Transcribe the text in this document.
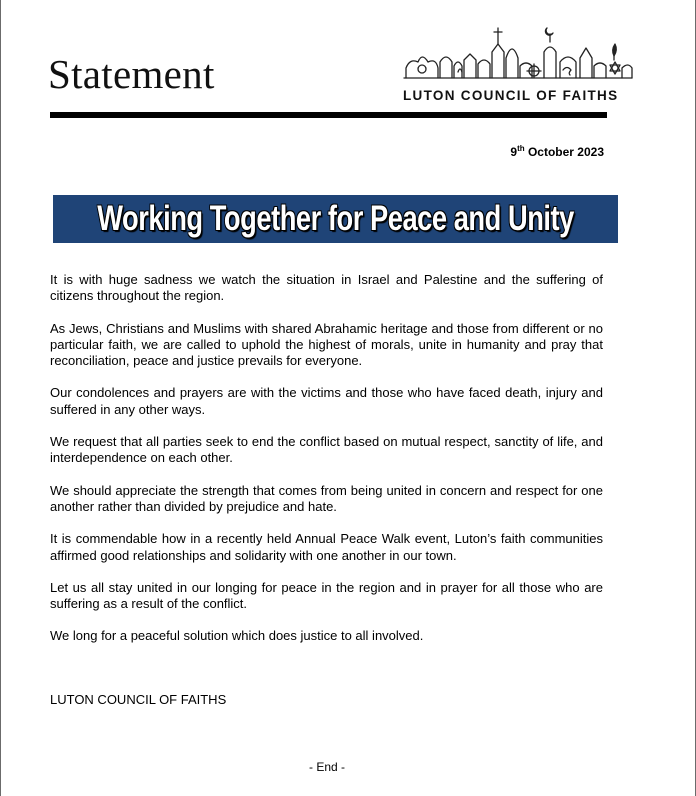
Statement	LUTON COUNCIL OF FAITHS
9th October 2023
Working Together for Peace and Unity

It is with huge sadness we watch the situation in Israel and Palestine and the suffering of citizens throughout the region.

As Jews, Christians and Muslims with shared Abrahamic heritage and those from different or no particular faith, we are called to uphold the highest of morals, unite in humanity and pray that reconciliation, peace and justice prevails for everyone.

Our condolences and prayers are with the victims and those who have faced death, injury and suffered in any other ways.

We request that all parties seek to end the conflict based on mutual respect, sanctity of life, and interdependence on each other.

We should appreciate the strength that comes from being united in concern and respect for one another rather than divided by prejudice and hate.

It is commendable how in a recently held Annual Peace Walk event, Luton’s faith communities affirmed good relationships and solidarity with one another in our town.

Let us all stay united in our longing for peace in the region and in prayer for all those who are suffering as a result of the conflict.

We long for a peaceful solution which does justice to all involved.

LUTON COUNCIL OF FAITHS
- End -
